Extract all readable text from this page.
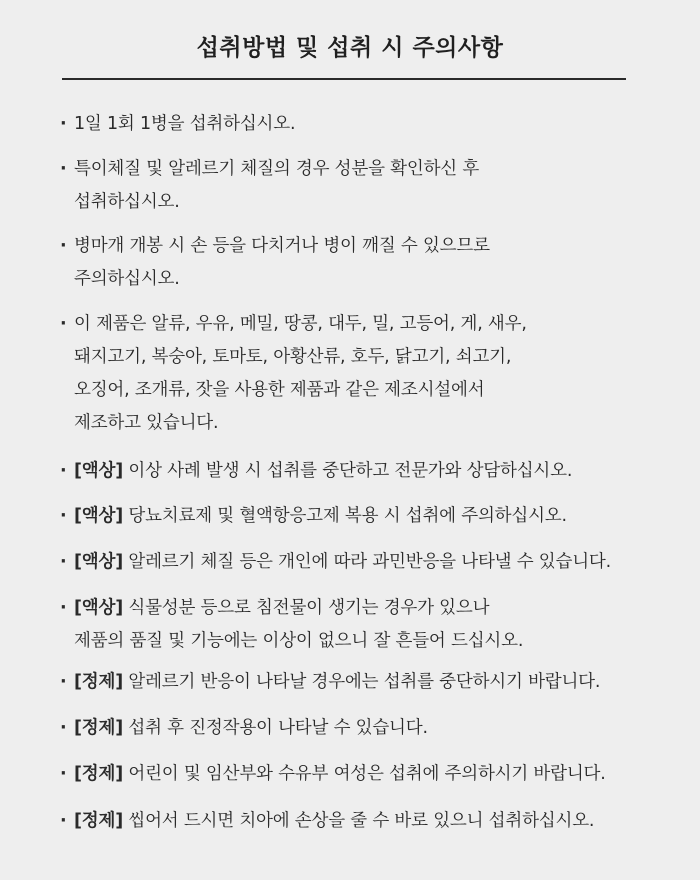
섭취방법 및 섭취 시 주의사항
· 1일 1회 1병을 섭취하십시오.
· 특이체질 및 알레르기 체질의 경우 성분을 확인하신 후
섭취하십시오.
· 병마개 개봉 시 손 등을 다치거나 병이 깨질 수 있으므로
주의하십시오.
· 이 제품은 알류, 우유, 메밀, 땅콩, 대두, 밀, 고등어, 게, 새우,
돼지고기, 복숭아, 토마토, 아황산류, 호두, 닭고기, 쇠고기,
오징어, 조개류, 잣을 사용한 제품과 같은 제조시설에서
제조하고 있습니다.
· [액상] 이상 사례 발생 시 섭취를 중단하고 전문가와 상담하십시오.
· [액상] 당뇨치료제 및 혈액항응고제 복용 시 섭취에 주의하십시오.
· [액상] 알레르기 체질 등은 개인에 따라 과민반응을 나타낼 수 있습니다.
· [액상] 식물성분 등으로 침전물이 생기는 경우가 있으나
제품의 품질 및 기능에는 이상이 없으니 잘 흔들어 드십시오.
· [정제] 알레르기 반응이 나타날 경우에는 섭취를 중단하시기 바랍니다.
· [정제] 섭취 후 진정작용이 나타날 수 있습니다.
· [정제] 어린이 및 임산부와 수유부 여성은 섭취에 주의하시기 바랍니다.
· [정제] 씹어서 드시면 치아에 손상을 줄 수 바로 있으니 섭취하십시오.
